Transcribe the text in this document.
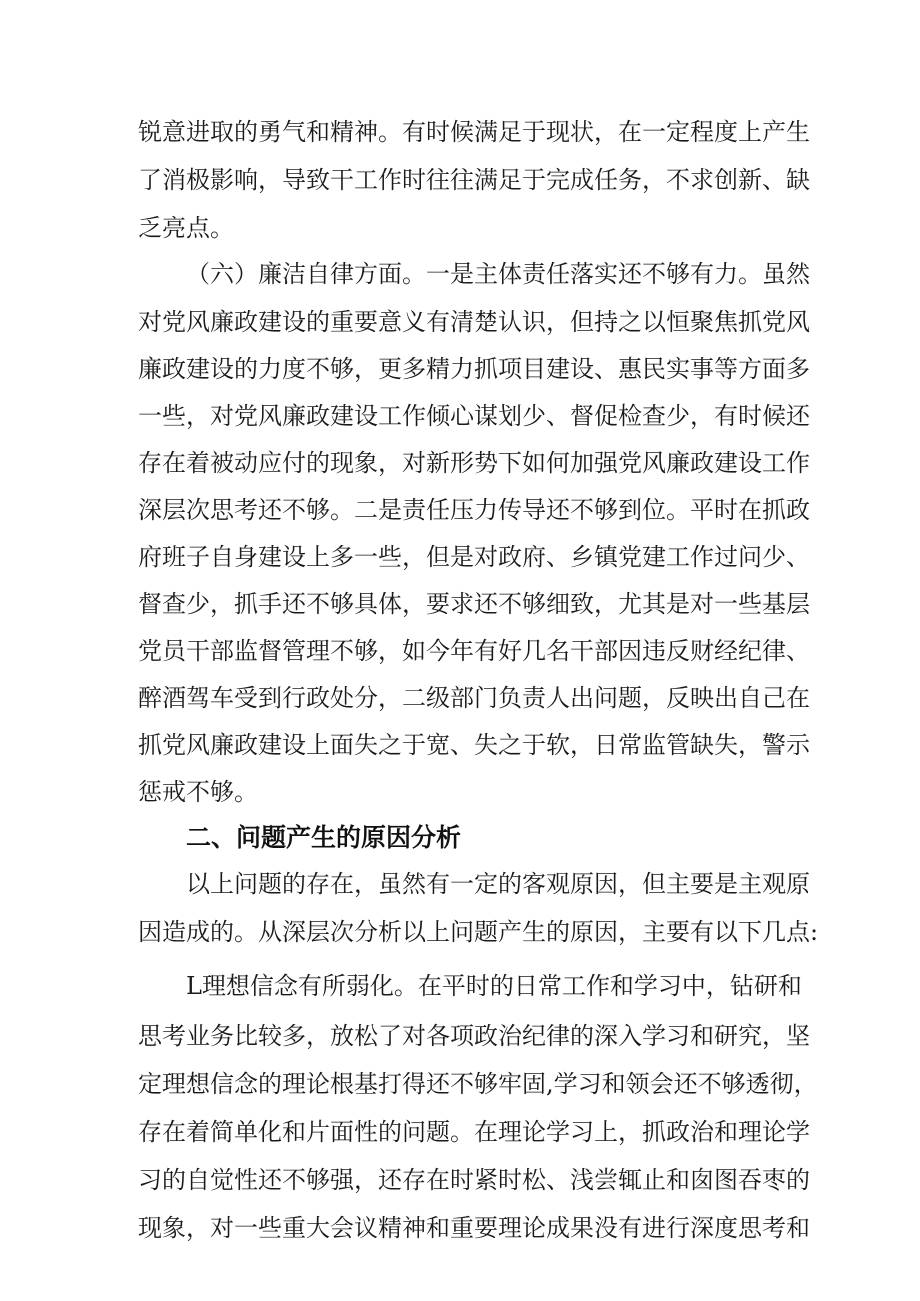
锐意进取的勇气和精神。有时候满足于现状，在一定程度上产生

了消极影响，导致干工作时往往满足于完成任务，不求创新、缺

乏亮点。

（六）廉洁自律方面。一是主体责任落实还不够有力。虽然

对党风廉政建设的重要意义有清楚认识，但持之以恒聚焦抓党风

廉政建设的力度不够，更多精力抓项目建设、惠民实事等方面多

一些，对党风廉政建设工作倾心谋划少、督促检查少，有时候还

存在着被动应付的现象，对新形势下如何加强党风廉政建设工作

深层次思考还不够。二是责任压力传导还不够到位。平时在抓政

府班子自身建设上多一些，但是对政府、乡镇党建工作过问少、

督查少，抓手还不够具体，要求还不够细致，尤其是对一些基层

党员干部监督管理不够，如今年有好几名干部因违反财经纪律、

醉酒驾车受到行政处分，二级部门负责人出问题，反映出自己在

抓党风廉政建设上面失之于宽、失之于软，日常监管缺失，警示

惩戒不够。

二、问题产生的原因分析

以上问题的存在，虽然有一定的客观原因，但主要是主观原

因造成的。从深层次分析以上问题产生的原因，主要有以下几点:

L理想信念有所弱化。在平时的日常工作和学习中，钻研和

思考业务比较多，放松了对各项政治纪律的深入学习和研究，坚

定理想信念的理论根基打得还不够牢固,学习和领会还不够透彻，

存在着简单化和片面性的问题。在理论学习上，抓政治和理论学

习的自觉性还不够强，还存在时紧时松、浅尝辄止和囱图吞枣的

现象，对一些重大会议精神和重要理论成果没有进行深度思考和
